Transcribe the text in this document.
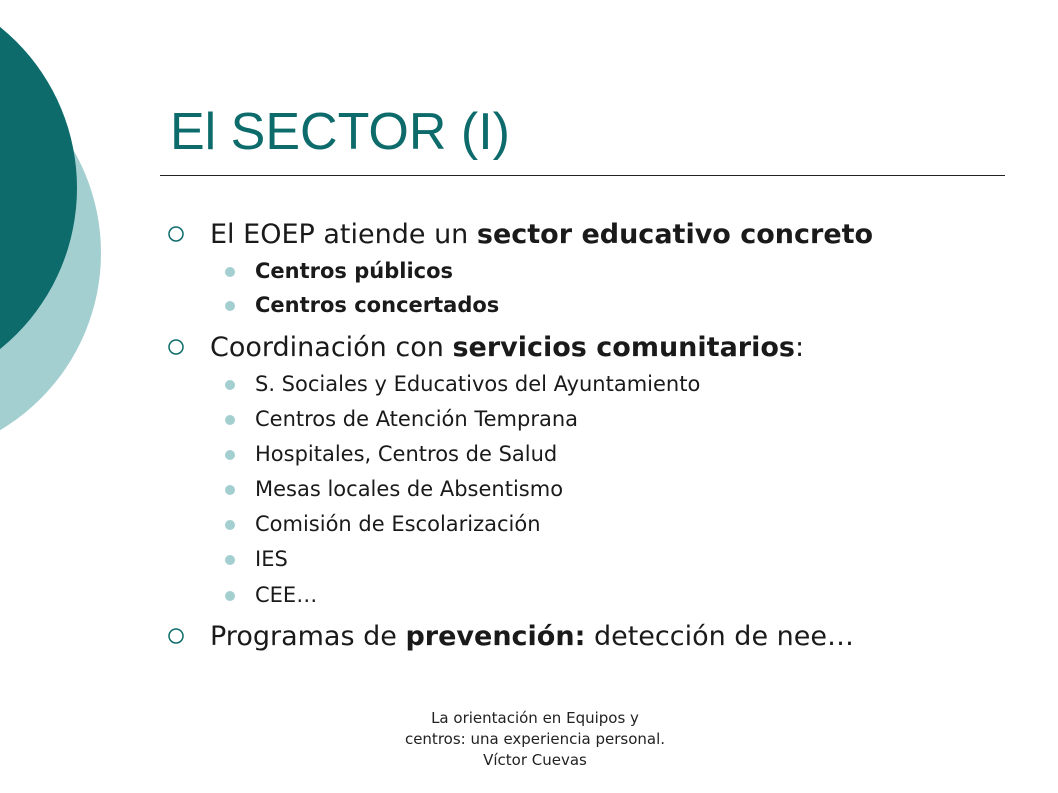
El SECTOR (I)
El EOEP atiende un sector educativo concreto
Centros públicos
Centros concertados
Coordinación con servicios comunitarios:
S. Sociales y Educativos del Ayuntamiento
Centros de Atención Temprana
Hospitales, Centros de Salud
Mesas locales de Absentismo
Comisión de Escolarización
IES
CEE…
Programas de prevención: detección de nee…
La orientación en Equipos y
centros: una experiencia personal.
Víctor Cuevas
